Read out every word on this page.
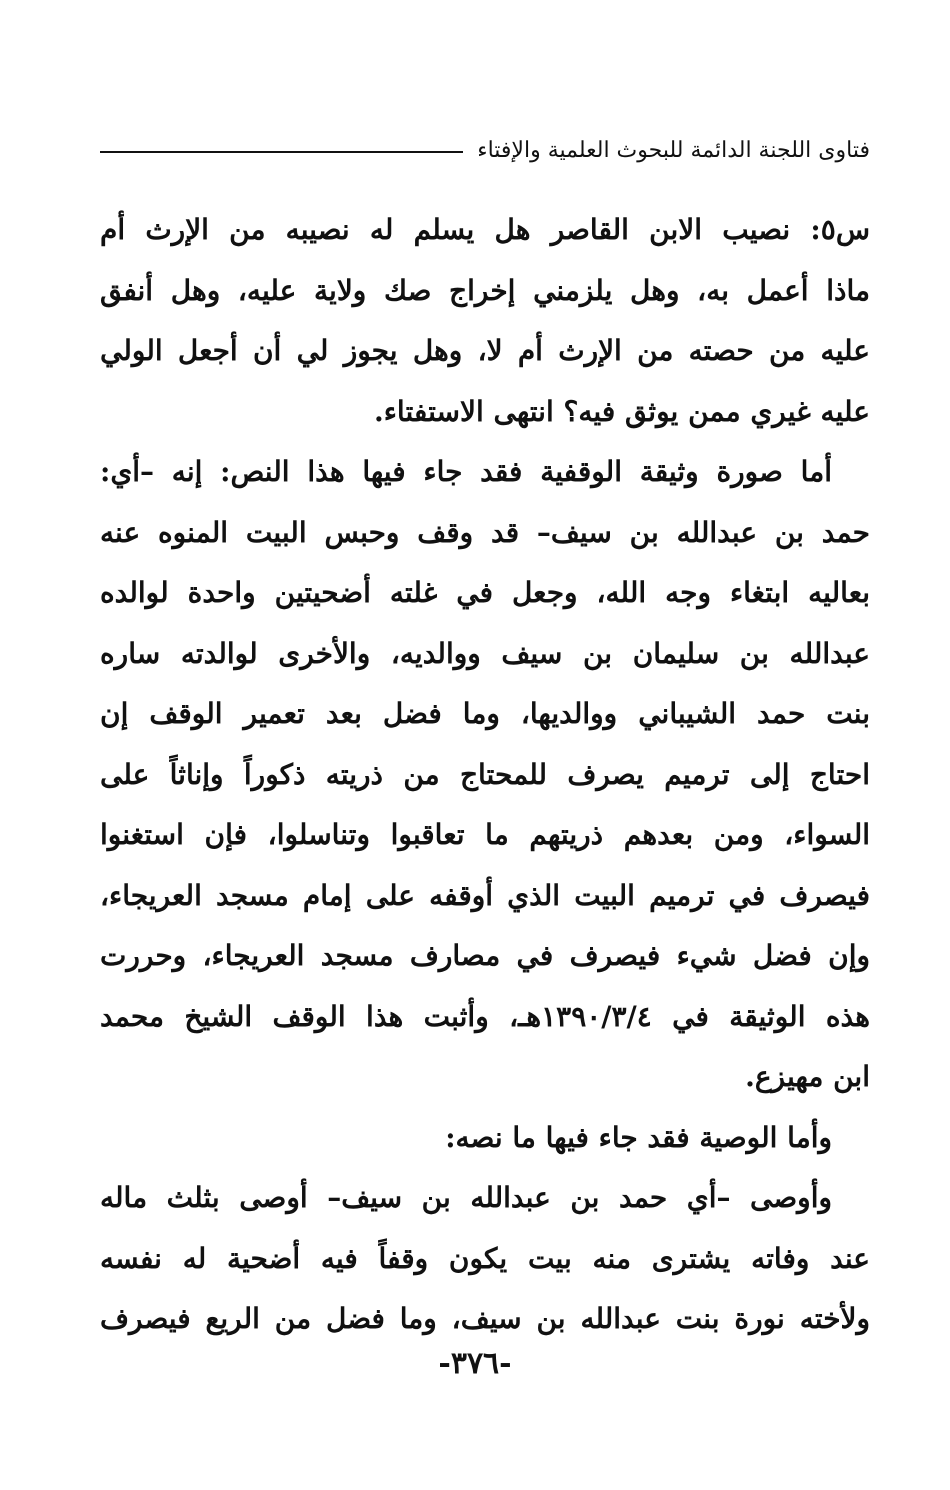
فتاوى اللجنة الدائمة للبحوث العلمية والإفتاء
س٥: نصيب الابن القاصر هل يسلم له نصيبه من الإرث أم
ماذا أعمل به، وهل يلزمني إخراج صك ولاية عليه، وهل أنفق
عليه من حصته من الإرث أم لا، وهل يجوز لي أن أجعل الولي
عليه غيري ممن يوثق فيه؟ انتهى الاستفتاء.
أما صورة وثيقة الوقفية فقد جاء فيها هذا النص: إنه –أي:
حمد بن عبدالله بن سيف– قد وقف وحبس البيت المنوه عنه
بعاليه ابتغاء وجه الله، وجعل في غلته أضحيتين واحدة لوالده
عبدالله بن سليمان بن سيف ووالديه، والأخرى لوالدته ساره
بنت حمد الشيباني ووالديها، وما فضل بعد تعمير الوقف إن
احتاج إلى ترميم يصرف للمحتاج من ذريته ذكوراً وإناثاً على
السواء، ومن بعدهم ذريتهم ما تعاقبوا وتناسلوا، فإن استغنوا
فيصرف في ترميم البيت الذي أوقفه على إمام مسجد العريجاء،
وإن فضل شيء فيصرف في مصارف مسجد العريجاء، وحررت
هذه الوثيقة في ١٣٩٠/٣/٤هـ، وأثبت هذا الوقف الشيخ محمد
ابن مهيزع.
وأما الوصية فقد جاء فيها ما نصه:
وأوصى –أي حمد بن عبدالله بن سيف– أوصى بثلث ماله
عند وفاته يشترى منه بيت يكون وقفاً فيه أضحية له نفسه
ولأخته نورة بنت عبدالله بن سيف، وما فضل من الريع فيصرف
-٣٧٦-
